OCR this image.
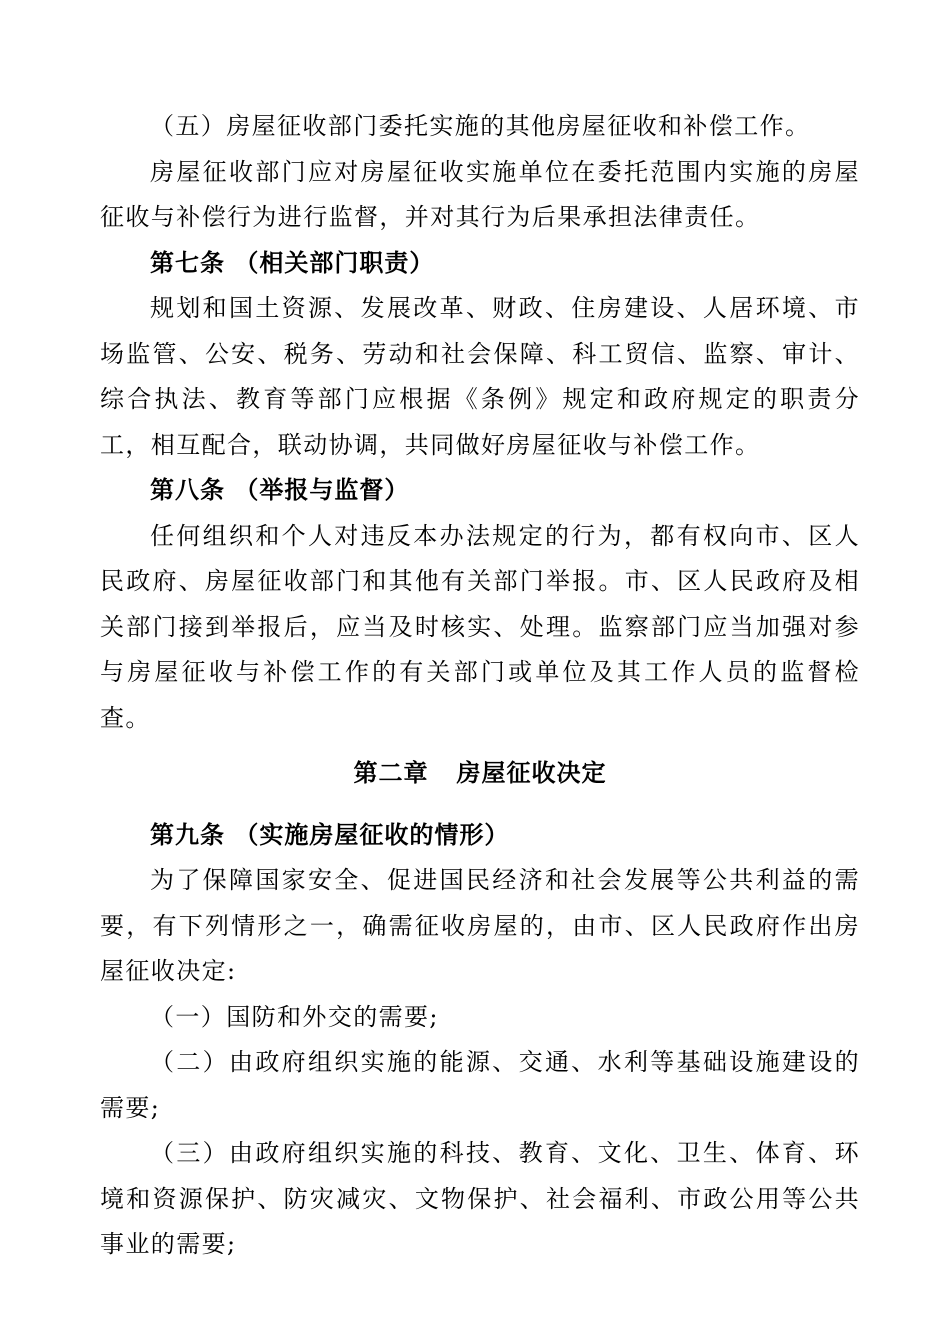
（五）房屋征收部门委托实施的其他房屋征收和补偿工作。

房屋征收部门应对房屋征收实施单位在委托范围内实施的房屋征收与补偿行为进行监督，并对其行为后果承担法律责任。

第七条 （相关部门职责）

规划和国土资源、发展改革、财政、住房建设、人居环境、市场监管、公安、税务、劳动和社会保障、科工贸信、监察、审计、综合执法、教育等部门应根据《条例》规定和政府规定的职责分工，相互配合，联动协调，共同做好房屋征收与补偿工作。

第八条 （举报与监督）

任何组织和个人对违反本办法规定的行为，都有权向市、区人民政府、房屋征收部门和其他有关部门举报。市、区人民政府及相关部门接到举报后，应当及时核实、处理。监察部门应当加强对参与房屋征收与补偿工作的有关部门或单位及其工作人员的监督检查。

第二章 房屋征收决定

第九条 （实施房屋征收的情形）

为了保障国家安全、促进国民经济和社会发展等公共利益的需要，有下列情形之一，确需征收房屋的，由市、区人民政府作出房屋征收决定:

（一）国防和外交的需要;

（二）由政府组织实施的能源、交通、水利等基础设施建设的需要;

（三）由政府组织实施的科技、教育、文化、卫生、体育、环境和资源保护、防灾减灾、文物保护、社会福利、市政公用等公共事业的需要;
